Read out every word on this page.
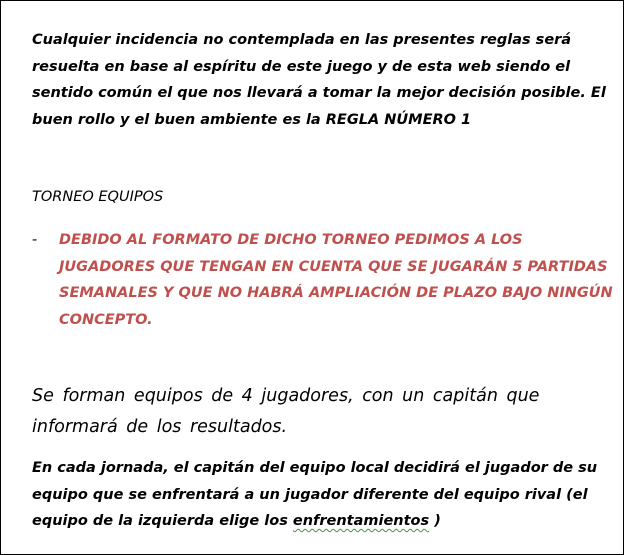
Cualquier incidencia no contemplada en las presentes reglas será resuelta en base al espíritu de este juego y de esta web siendo el sentido común el que nos llevará a tomar la mejor decisión posible. El buen rollo y el buen ambiente es la REGLA NÚMERO 1

TORNEO EQUIPOS

- DEBIDO AL FORMATO DE DICHO TORNEO PEDIMOS A LOS JUGADORES QUE TENGAN EN CUENTA QUE SE JUGARÁN 5 PARTIDAS SEMANALES Y QUE NO HABRÁ AMPLIACIÓN DE PLAZO BAJO NINGÚN CONCEPTO.

Se forman equipos de 4 jugadores, con un capitán que informará de los resultados.

En cada jornada, el capitán del equipo local decidirá el jugador de su equipo que se enfrentará a un jugador diferente del equipo rival (el equipo de la izquierda elige los enfrentamientos )
